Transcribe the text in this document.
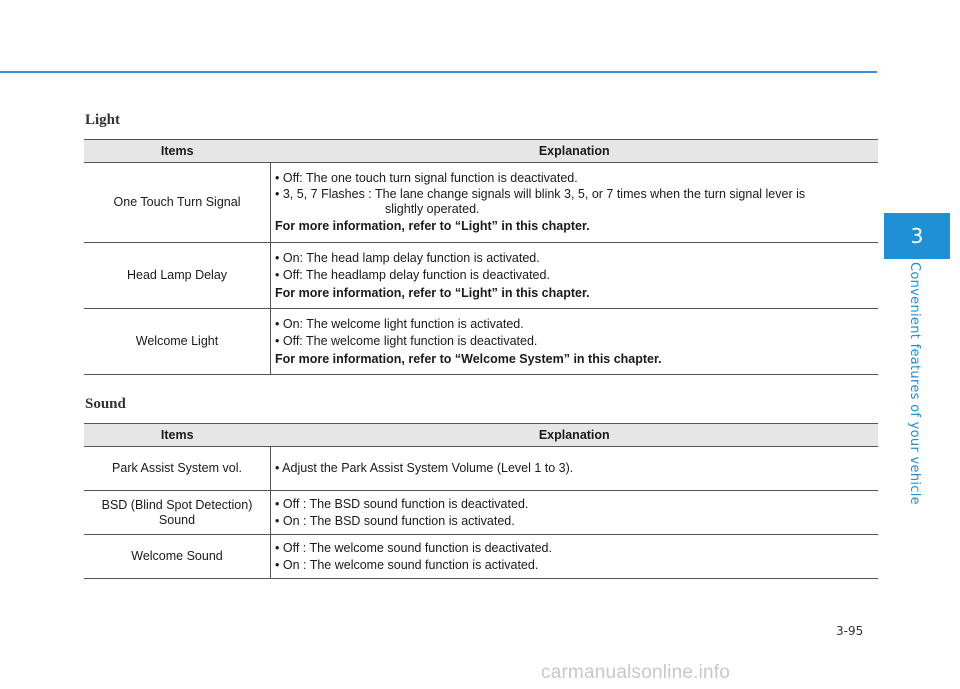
3
Convenient features of your vehicle
Light
Items	Explanation
One Touch Turn Signal	• Off: The one touch turn signal function is deactivated.
• 3, 5, 7 Flashes : The lane change signals will blink 3, 5, or 7 times when the turn signal lever is
slightly operated.
For more information, refer to “Light” in this chapter.

Head Lamp Delay	• On: The head lamp delay function is activated.
• Off: The headlamp delay function is deactivated.
For more information, refer to “Light” in this chapter.

Welcome Light	• On: The welcome light function is activated.
• Off: The welcome light function is deactivated.
For more information, refer to “Welcome System” in this chapter.
Sound
Items	Explanation

Park Assist System vol.	• Adjust the Park Assist System Volume (Level 1 to 3).

BSD (Blind Spot Detection)
Sound	• Off : The BSD sound function is deactivated.
• On : The BSD sound function is activated.

Welcome Sound	• Off : The welcome sound function is deactivated.
• On : The welcome sound function is activated.
3-95
carmanualsonline.info
